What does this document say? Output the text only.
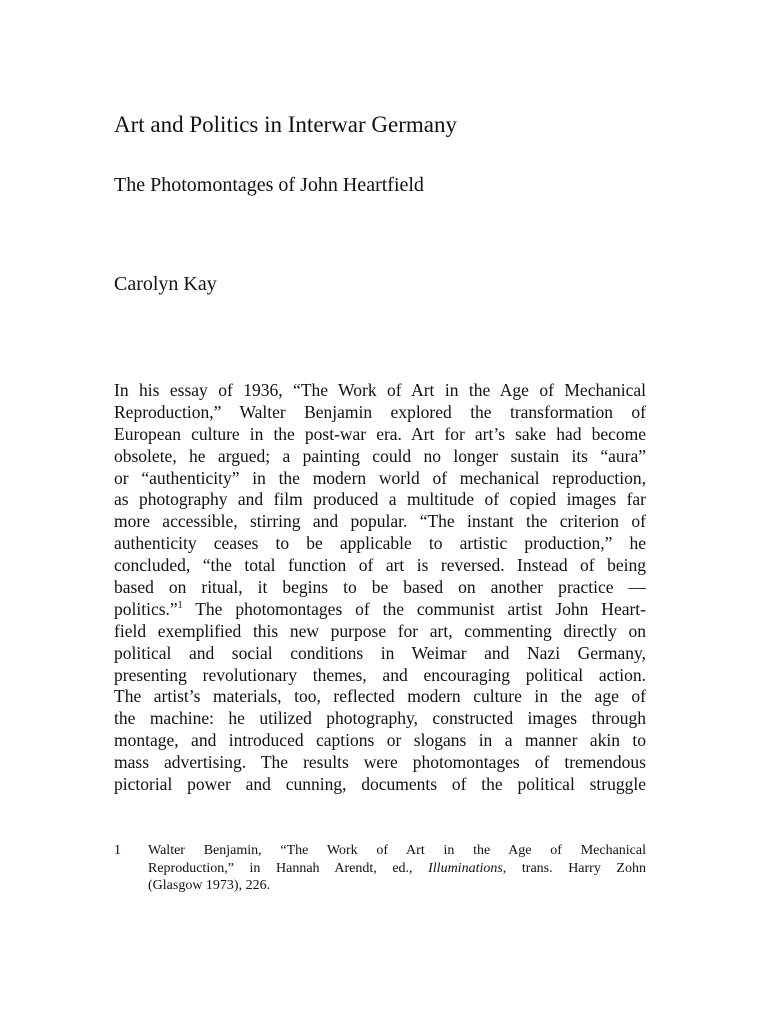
Art and Politics in Interwar Germany
The Photomontages of John Heartfield
Carolyn Kay
In his essay of 1936, “The Work of Art in the Age of Mechanical
Reproduction,” Walter Benjamin explored the transformation of
European culture in the post-war era. Art for art’s sake had become
obsolete, he argued; a painting could no longer sustain its “aura”
or “authenticity” in the modern world of mechanical reproduction,
as photography and film produced a multitude of copied images far
more accessible, stirring and popular. “The instant the criterion of
authenticity ceases to be applicable to artistic production,” he
concluded, “the total function of art is reversed. Instead of being
based on ritual, it begins to be based on another practice —
politics.”$^1$ The photomontages of the communist artist John Heart-
field exemplified this new purpose for art, commenting directly on
political and social conditions in Weimar and Nazi Germany,
presenting revolutionary themes, and encouraging political action.
The artist’s materials, too, reflected modern culture in the age of
the machine: he utilized photography, constructed images through
montage, and introduced captions or slogans in a manner akin to
mass advertising. The results were photomontages of tremendous
pictorial power and cunning, documents of the political struggle
1 Walter Benjamin, “The Work of Art in the Age of Mechanical
Reproduction,” in Hannah Arendt, ed., Illuminations, trans. Harry Zohn
(Glasgow 1973), 226.
